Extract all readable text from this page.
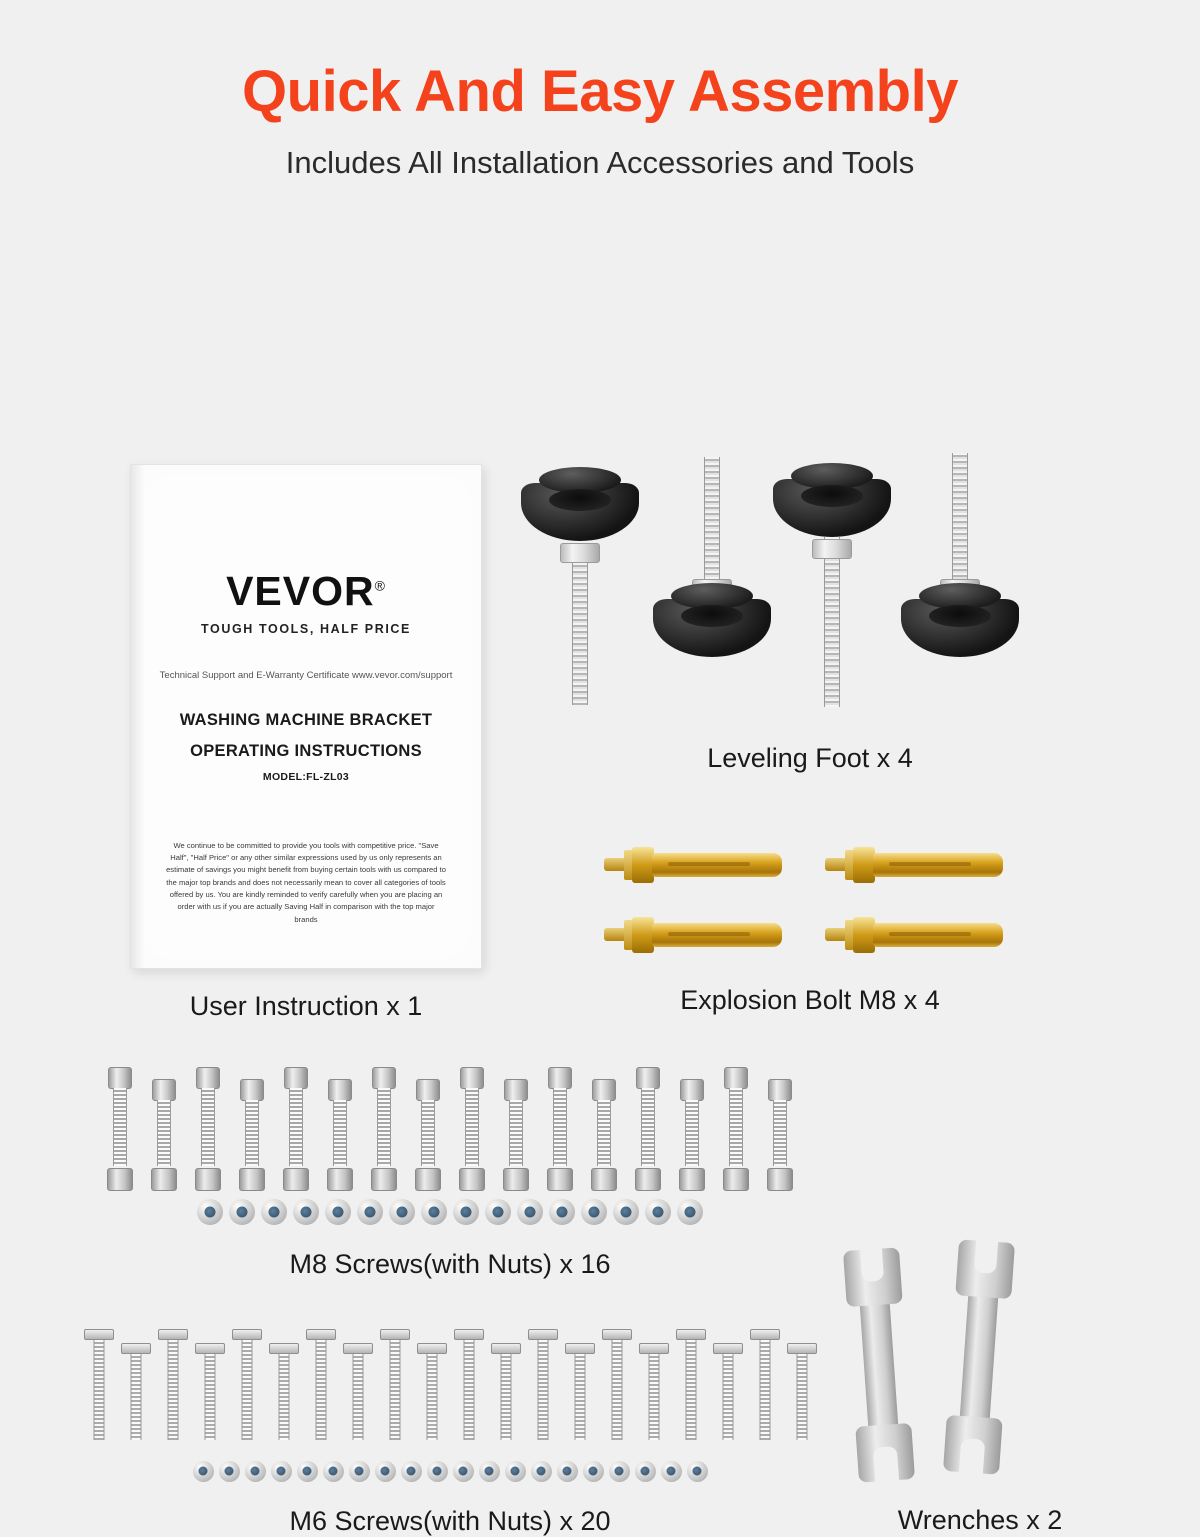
Quick And Easy Assembly

Includes All Installation Accessories and Tools

VEVOR®
TOUGH TOOLS, HALF PRICE
Technical Support and E-Warranty Certificate www.vevor.com/support
WASHING MACHINE BRACKET
OPERATING INSTRUCTIONS
MODEL:FL-ZL03
We continue to be committed to provide you tools with competitive price. "Save Half", "Half Price" or any other similar expressions used by us only represents an estimate of savings you might benefit from buying certain tools with us compared to the major top brands and does not necessarily mean to cover all categories of tools offered by us. You are kindly reminded to verify carefully when you are placing an order with us if you are actually Saving Half in comparison with the top major brands
User Instruction x 1
Leveling Foot x 4
Explosion Bolt M8 x 4
M8 Screws(with Nuts) x 16
M6 Screws(with Nuts) x 20	Wrenches x 2
